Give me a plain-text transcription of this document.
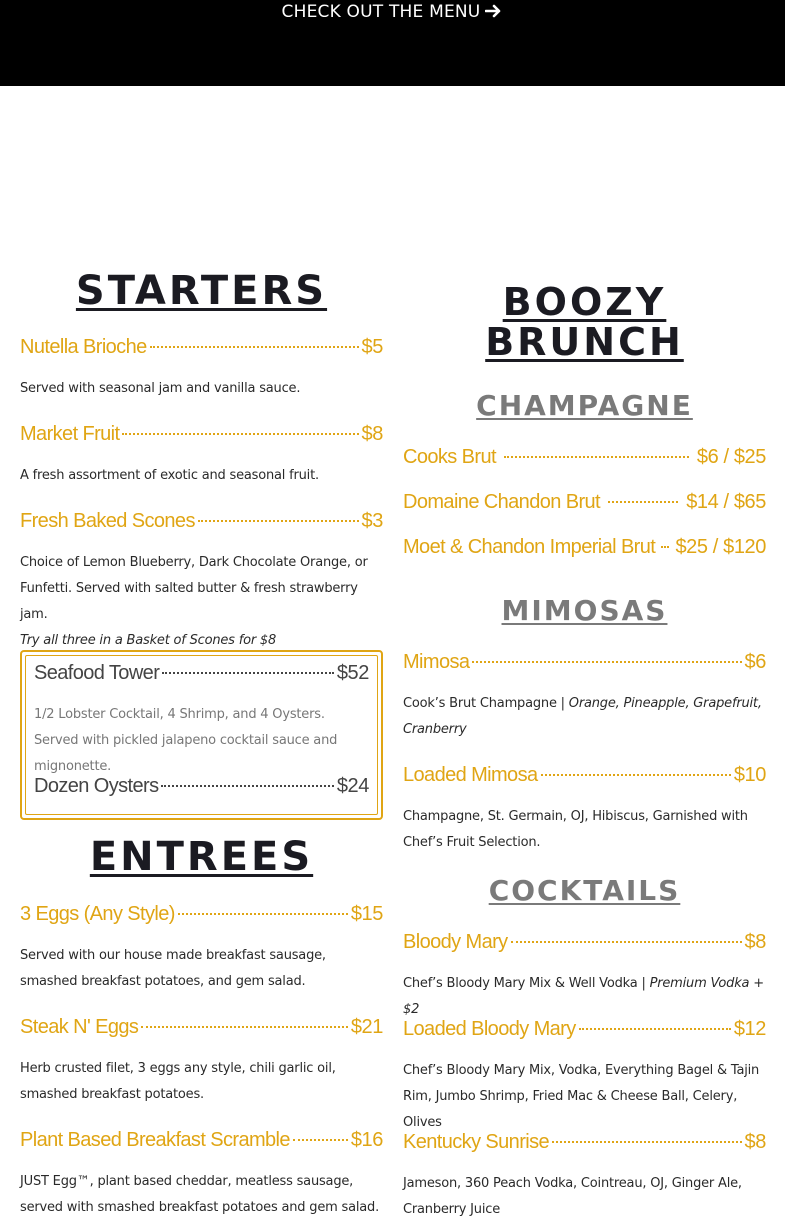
CHECK OUT THE MENU
STARTERS
Nutella Brioche	$5
Served with seasonal jam and vanilla sauce.
Market Fruit	$8
A fresh assortment of exotic and seasonal fruit.
Fresh Baked Scones	$3
Choice of Lemon Blueberry, Dark Chocolate Orange, or Funfetti. Served with salted butter & fresh strawberry jam.
Try all three in a Basket of Scones for $8
Seafood Tower	$52
1/2 Lobster Cocktail, 4 Shrimp, and 4 Oysters. Served with pickled jalapeno cocktail sauce and mignonette.
Dozen Oysters	$24
ENTREES
3 Eggs (Any Style)	$15
Served with our house made breakfast sausage, smashed breakfast potatoes, and gem salad.
Steak N' Eggs	$21
Herb crusted filet, 3 eggs any style, chili garlic oil, smashed breakfast potatoes.
Plant Based Breakfast Scramble	$16
JUST Egg™, plant based cheddar, meatless sausage, served with smashed breakfast potatoes and gem salad.
BOOZY
BRUNCH
CHAMPAGNE
Cooks Brut	$6 / $25
Domaine Chandon Brut	$14 / $65
Moet & Chandon Imperial Brut $25 / $120
MIMOSAS
Mimosa	$6
Cook’s Brut Champagne | Orange, Pineapple, Grapefruit, Cranberry
Loaded Mimosa	$10
Champagne, St. Germain, OJ, Hibiscus, Garnished with Chef’s Fruit Selection.
COCKTAILS
Bloody Mary	$8
Chef’s Bloody Mary Mix & Well Vodka | Premium Vodka + $2
Loaded Bloody Mary	$12
Chef’s Bloody Mary Mix, Vodka, Everything Bagel & Tajin Rim, Jumbo Shrimp, Fried Mac & Cheese Ball, Celery, Olives
Kentucky Sunrise	$8
Jameson, 360 Peach Vodka, Cointreau, OJ, Ginger Ale, Cranberry Juice
